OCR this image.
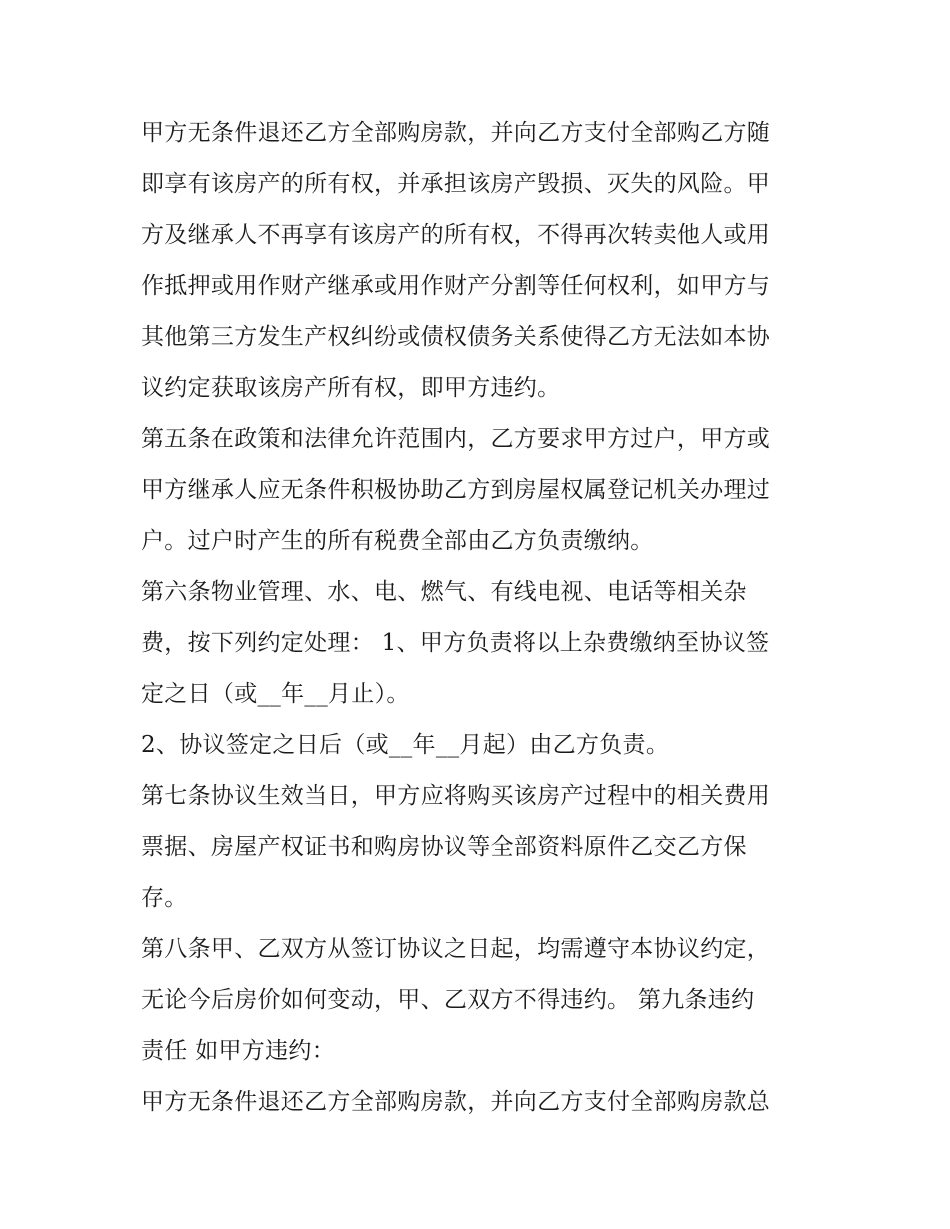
甲方无条件退还乙方全部购房款，并向乙方支付全部购乙方随
即享有该房产的所有权，并承担该房产毁损、灭失的风险。甲
方及继承人不再享有该房产的所有权，不得再次转卖他人或用
作抵押或用作财产继承或用作财产分割等任何权利，如甲方与
其他第三方发生产权纠纷或债权债务关系使得乙方无法如本协
议约定获取该房产所有权，即甲方违约。
第五条在政策和法律允许范围内，乙方要求甲方过户，甲方或
甲方继承人应无条件积极协助乙方到房屋权属登记机关办理过
户。过户时产生的所有税费全部由乙方负责缴纳。
第六条物业管理、水、电、燃气、有线电视、电话等相关杂
费，按下列约定处理： 1、甲方负责将以上杂费缴纳至协议签
定之日（或__年__月止）。
2、协议签定之日后（或__年__月起）由乙方负责。
第七条协议生效当日，甲方应将购买该房产过程中的相关费用
票据、房屋产权证书和购房协议等全部资料原件乙交乙方保
存。
第八条甲、乙双方从签订协议之日起，均需遵守本协议约定，
无论今后房价如何变动，甲、乙双方不得违约。 第九条违约
责任 如甲方违约：
甲方无条件退还乙方全部购房款，并向乙方支付全部购房款总
